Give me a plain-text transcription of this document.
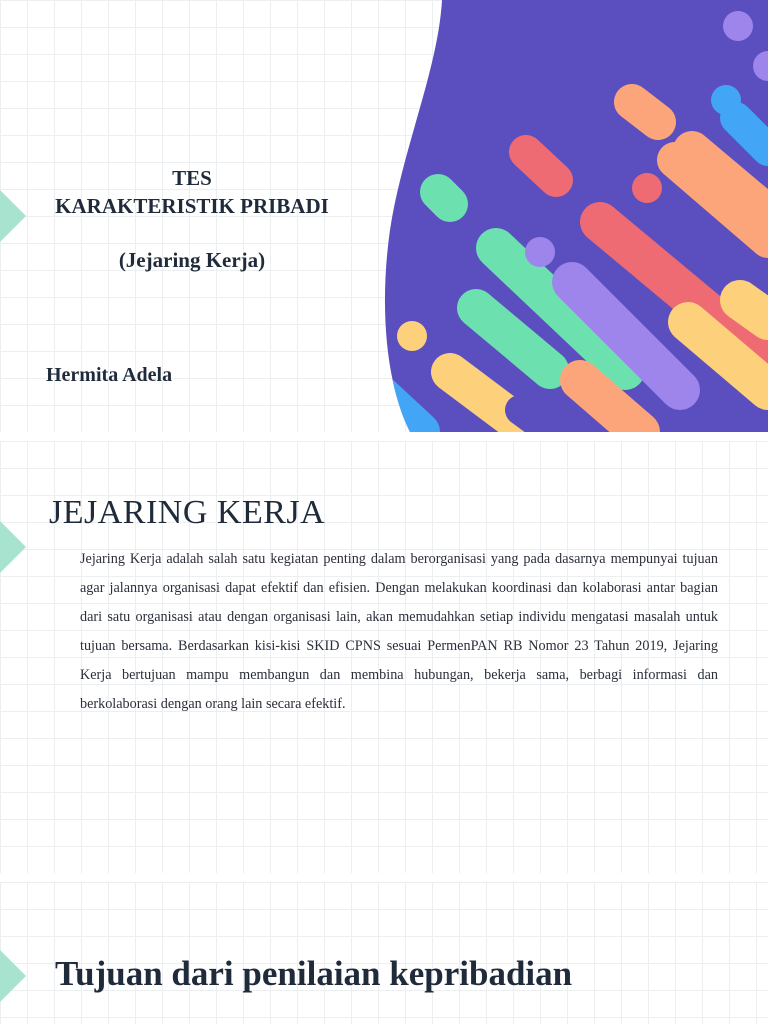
TES
KARAKTERISTIK PRIBADI
(Jejaring Kerja)
Hermita Adela
JEJARING KERJA

Jejaring Kerja adalah salah satu kegiatan penting dalam berorganisasi yang pada dasarnya mempunyai tujuan agar jalannya organisasi dapat efektif dan efisien. Dengan melakukan koordinasi dan kolaborasi antar bagian dari satu organisasi atau dengan organisasi lain, akan memudahkan setiap individu mengatasi masalah untuk tujuan bersama. Berdasarkan kisi-kisi SKID CPNS sesuai PermenPAN RB Nomor 23 Tahun 2019, Jejaring Kerja bertujuan mampu membangun dan membina hubungan, bekerja sama, berbagi informasi dan berkolaborasi dengan orang lain secara efektif.

Tujuan dari penilaian kepribadian
